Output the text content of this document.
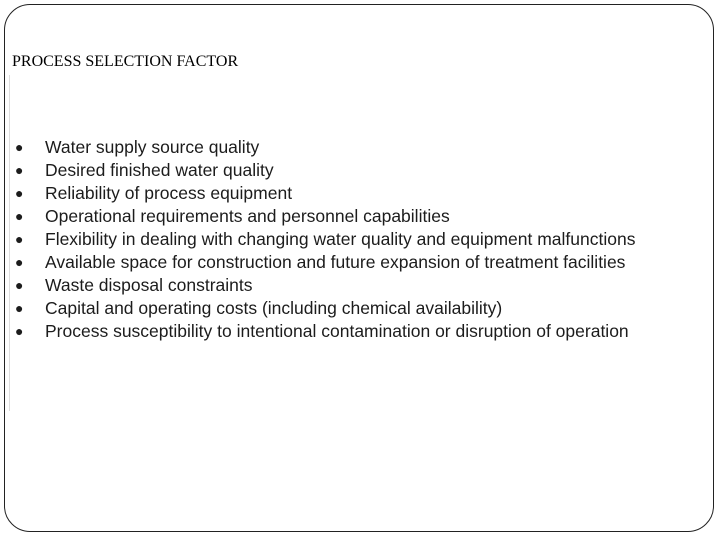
PROCESS SELECTION FACTOR
●	Water supply source quality
●	Desired finished water quality
●	Reliability of process equipment
●	Operational requirements and personnel capabilities
●	Flexibility in dealing with changing water quality and equipment malfunctions
●	Available space for construction and future expansion of treatment facilities
●	Waste disposal constraints
●	Capital and operating costs (including chemical availability)
●	Process susceptibility to intentional contamination or disruption of operation
